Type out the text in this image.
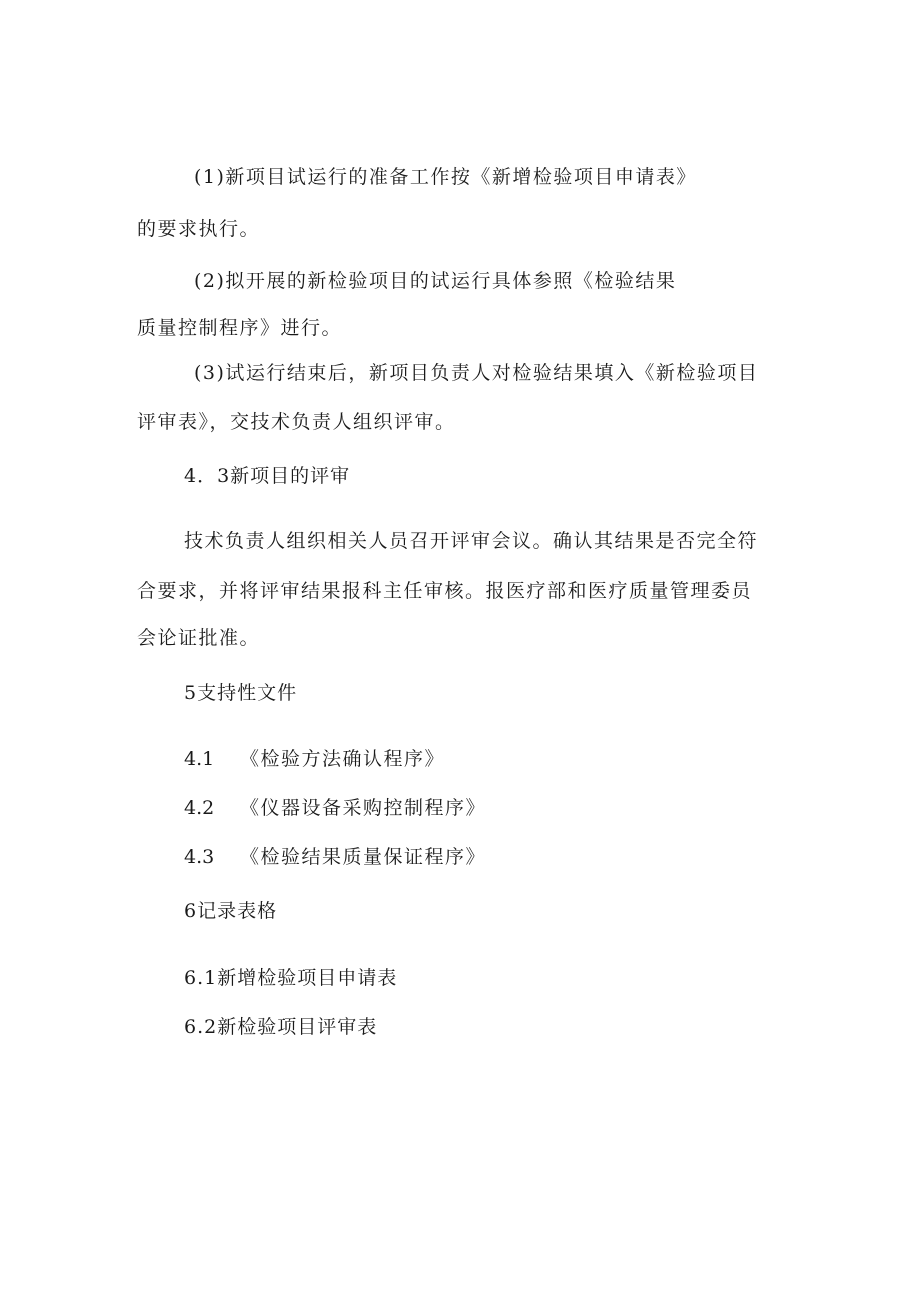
(1)新项目试运行的准备工作按《新增检验项目申请表》
的要求执行。
(2)拟开展的新检验项目的试运行具体参照《检验结果
质量控制程序》进行。
(3)试运行结束后，新项目负责人对检验结果填入《新检验项目
评审表》，交技术负责人组织评审。
4．3新项目的评审
技术负责人组织相关人员召开评审会议。确认其结果是否完全符
合要求，并将评审结果报科主任审核。报医疗部和医疗质量管理委员
会论证批准。
5支持性文件
4.1 《检验方法确认程序》
4.2 《仪器设备采购控制程序》
4.3 《检验结果质量保证程序》
6记录表格
6.1新增检验项目申请表
6.2新检验项目评审表
